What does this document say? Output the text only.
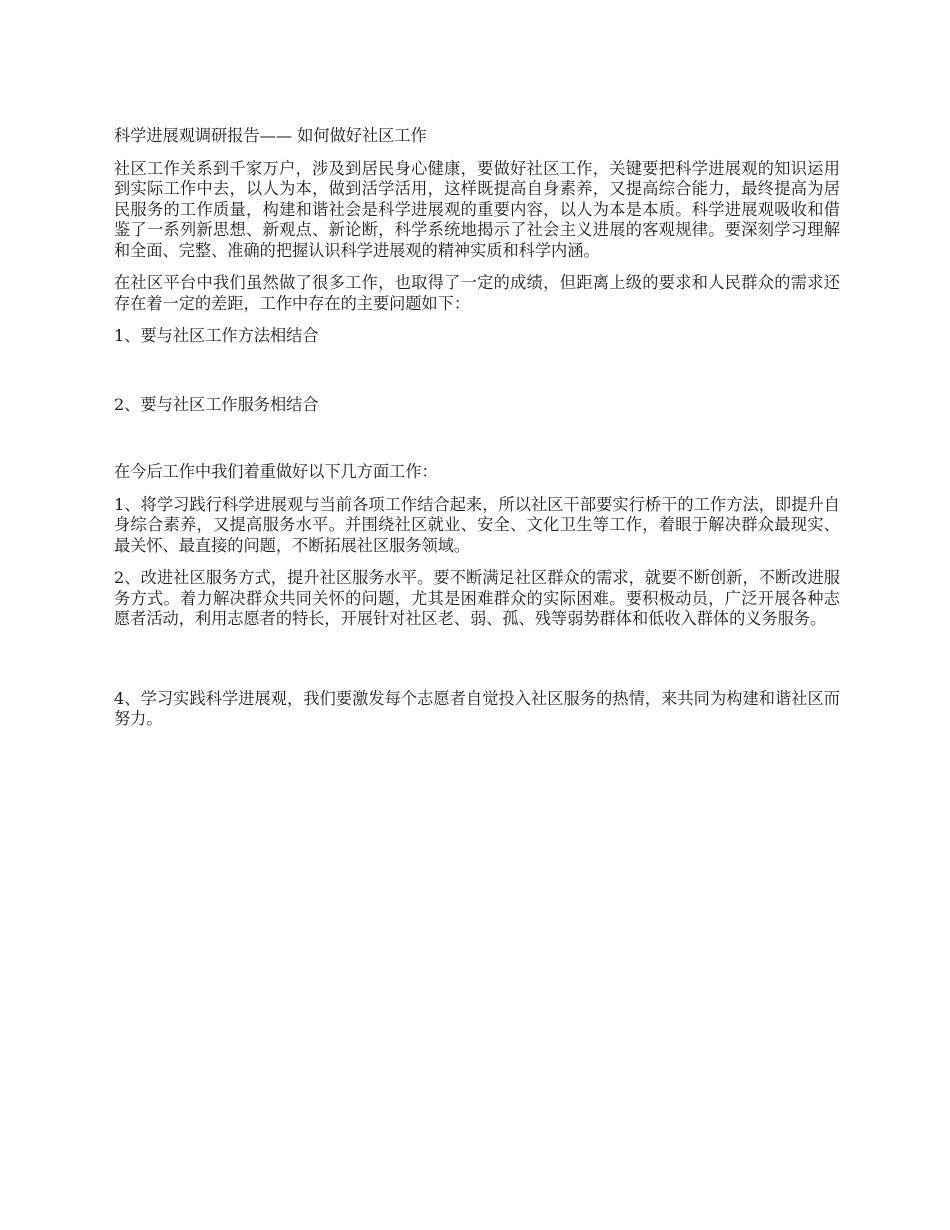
科学进展观调研报告—— 如何做好社区工作
社区工作关系到千家万户，涉及到居民身心健康，要做好社区工作，关键要把科学进展观的知识运用到实际工作中去，以人为本，做到活学活用，这样既提高自身素养，又提高综合能力，最终提高为居民服务的工作质量，构建和谐社会是科学进展观的重要内容，以人为本是本质。科学进展观吸收和借鉴了一系列新思想、新观点、新论断，科学系统地揭示了社会主义进展的客观规律。要深刻学习理解和全面、完整、准确的把握认识科学进展观的精神实质和科学内涵。
在社区平台中我们虽然做了很多工作，也取得了一定的成绩，但距离上级的要求和人民群众的需求还存在着一定的差距，工作中存在的主要问题如下：
1、要与社区工作方法相结合
2、要与社区工作服务相结合
在今后工作中我们着重做好以下几方面工作：
1、将学习践行科学进展观与当前各项工作结合起来，所以社区干部要实行桥干的工作方法，即提升自身综合素养，又提高服务水平。并围绕社区就业、安全、文化卫生等工作，着眼于解决群众最现实、最关怀、最直接的问题，不断拓展社区服务领域。
2、改进社区服务方式，提升社区服务水平。要不断满足社区群众的需求，就要不断创新，不断改进服务方式。着力解决群众共同关怀的问题，尤其是困难群众的实际困难。要积极动员，广泛开展各种志愿者活动，利用志愿者的特长，开展针对社区老、弱、孤、残等弱势群体和低收入群体的义务服务。
4、学习实践科学进展观，我们要激发每个志愿者自觉投入社区服务的热情，来共同为构建和谐社区而努力。
